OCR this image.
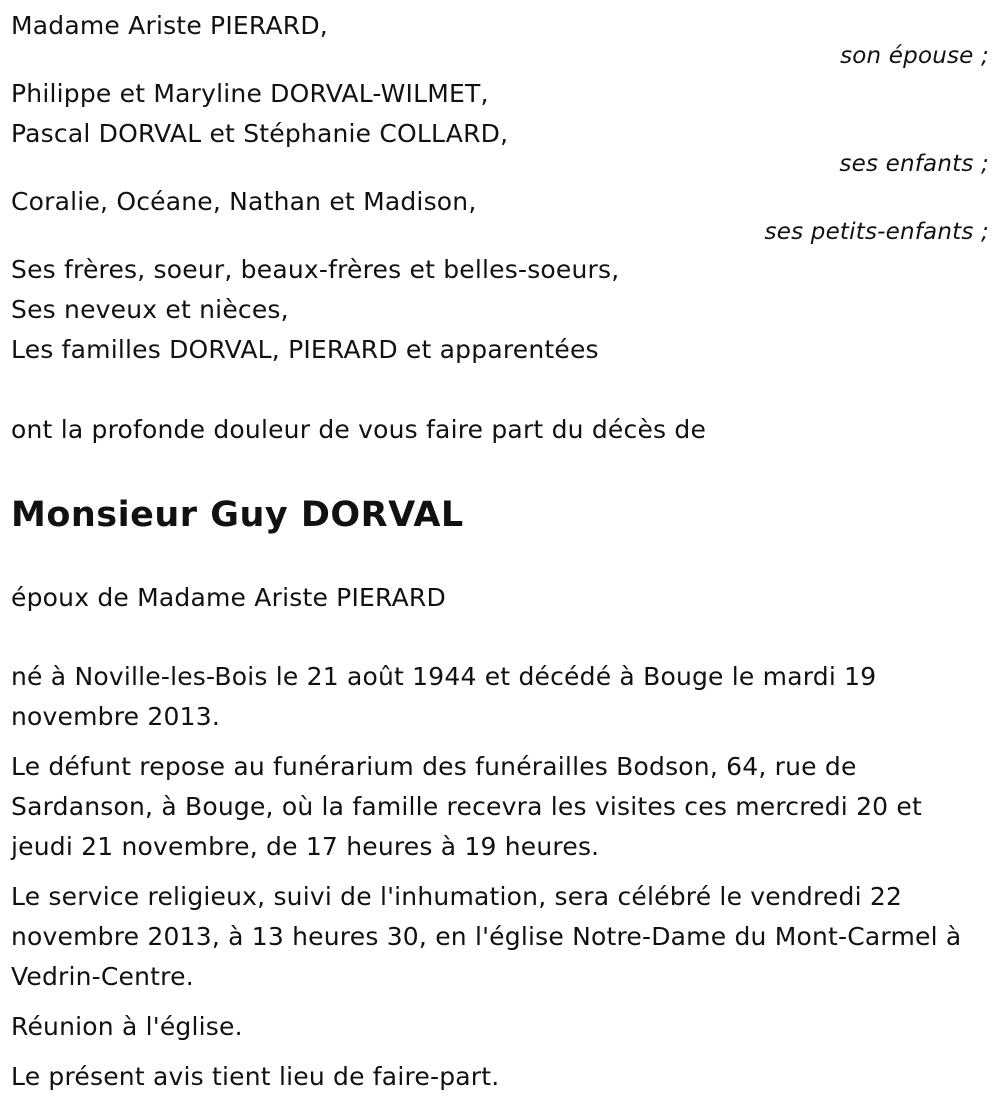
Madame Ariste PIERARD,
son épouse ;
Philippe et Maryline DORVAL-WILMET,
Pascal DORVAL et Stéphanie COLLARD,
ses enfants ;
Coralie, Océane, Nathan et Madison,
ses petits-enfants ;
Ses frères, soeur, beaux-frères et belles-soeurs,
Ses neveux et nièces,
Les familles DORVAL, PIERARD et apparentées
ont la profonde douleur de vous faire part du décès de
Monsieur Guy DORVAL
époux de Madame Ariste PIERARD
né à Noville-les-Bois le 21 août 1944 et décédé à Bouge le mardi 19 novembre 2013.
Le défunt repose au funérarium des funérailles Bodson, 64, rue de Sardanson, à Bouge, où la famille recevra les visites ces mercredi 20 et jeudi 21 novembre, de 17 heures à 19 heures.
Le service religieux, suivi de l'inhumation, sera célébré le vendredi 22 novembre 2013, à 13 heures 30, en l'église Notre-Dame du Mont-Carmel à Vedrin-Centre.
Réunion à l'église.
Le présent avis tient lieu de faire-part.
